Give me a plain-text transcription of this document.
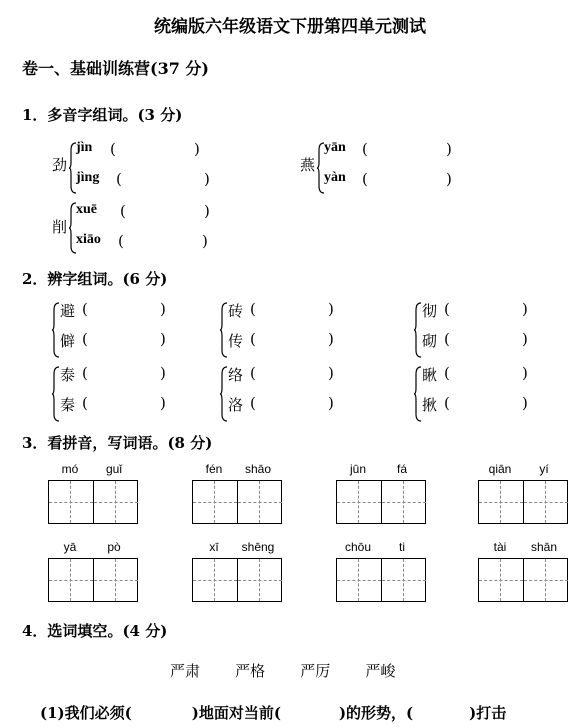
统编版六年级语文下册第四单元测试
卷一、基础训练营(37 分)
1．多音字组词。(3 分)
劲
jìn (	)
jìng (	)
燕
yān (	)
yàn (	)
削
xuē (	)
xiāo (	)
2．辨字组词。(6 分)
避 (	)
僻 (	)
砖 (	)
传 (	)
彻 (	)
砌 (	)
泰 (	)
秦 (	)
络 (	)
洛 (	)
瞅 (	)
揪 (	)
3．看拼音，写词语。(8 分)
mó	guǐ	fén	shāo	jūn	fá	qiān	yí
yā	pò	xī	shēng	chōu	ti	tài	shān
4．选词填空。(4 分)
严肃 严格 严厉 严峻
(1)我们必须(	)地面对当前(	)的形势，(	)打击
